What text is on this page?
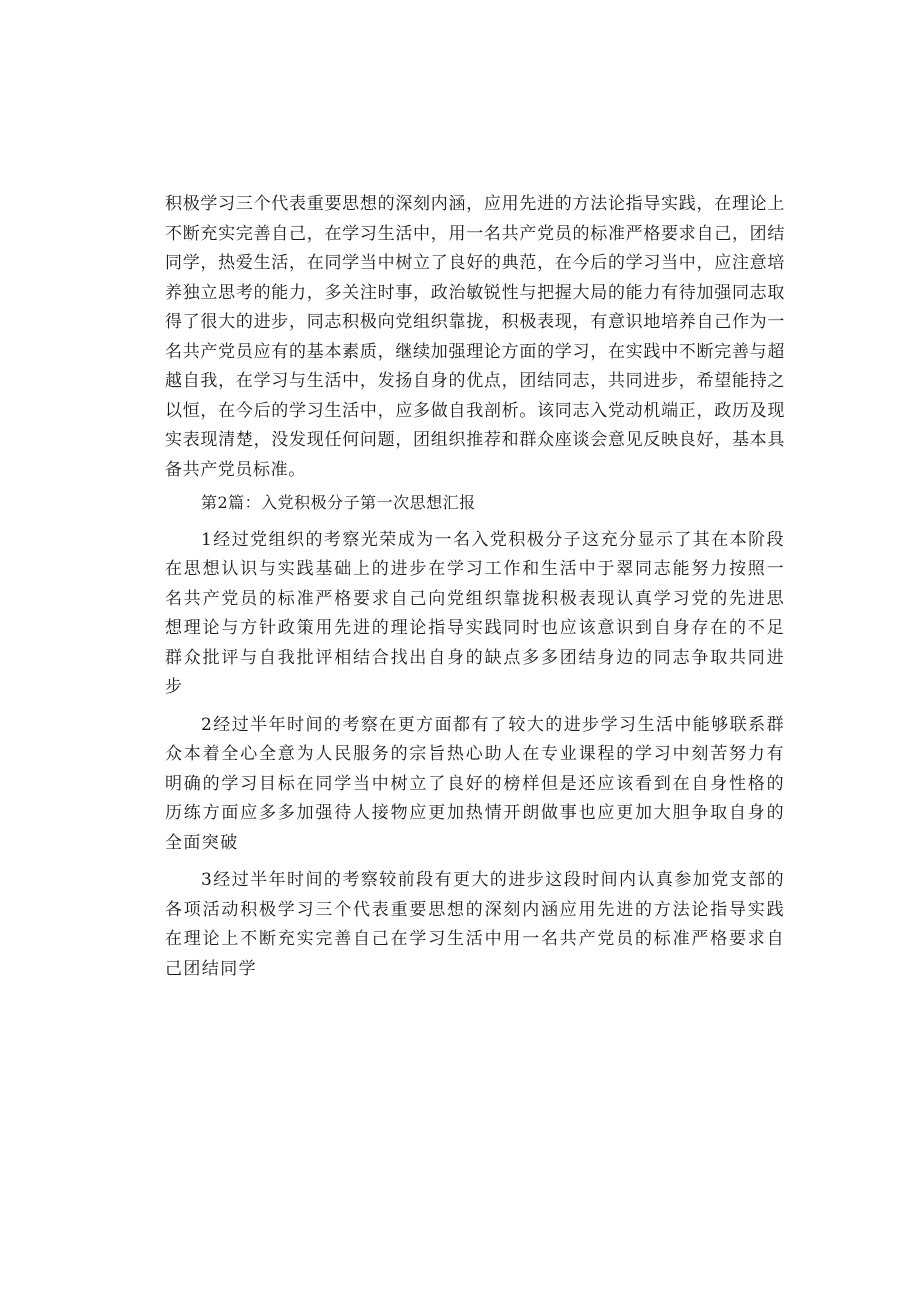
积极学习三个代表重要思想的深刻内涵，应用先进的方法论指导实践，在理论上不断充实完善自己，在学习生活中，用一名共产党员的标准严格要求自己，团结同学，热爱生活，在同学当中树立了良好的典范，在今后的学习当中，应注意培养独立思考的能力，多关注时事，政治敏锐性与把握大局的能力有待加强同志取得了很大的进步，同志积极向党组织靠拢，积极表现，有意识地培养自己作为一名共产党员应有的基本素质，继续加强理论方面的学习，在实践中不断完善与超越自我，在学习与生活中，发扬自身的优点，团结同志，共同进步，希望能持之以恒，在今后的学习生活中，应多做自我剖析。该同志入党动机端正，政历及现实表现清楚，没发现任何问题，团组织推荐和群众座谈会意见反映良好，基本具备共产党员标准。

第2篇：入党积极分子第一次思想汇报

1经过党组织的考察光荣成为一名入党积极分子这充分显示了其在本阶段在思想认识与实践基础上的进步在学习工作和生活中于翠同志能努力按照一名共产党员的标准严格要求自己向党组织靠拢积极表现认真学习党的先进思想理论与方针政策用先进的理论指导实践同时也应该意识到自身存在的不足群众批评与自我批评相结合找出自身的缺点多多团结身边的同志争取共同进步

2经过半年时间的考察在更方面都有了较大的进步学习生活中能够联系群众本着全心全意为人民服务的宗旨热心助人在专业课程的学习中刻苦努力有明确的学习目标在同学当中树立了良好的榜样但是还应该看到在自身性格的历练方面应多多加强待人接物应更加热情开朗做事也应更加大胆争取自身的全面突破

3经过半年时间的考察较前段有更大的进步这段时间内认真参加党支部的各项活动积极学习三个代表重要思想的深刻内涵应用先进的方法论指导实践在理论上不断充实完善自己在学习生活中用一名共产党员的标准严格要求自己团结同学
